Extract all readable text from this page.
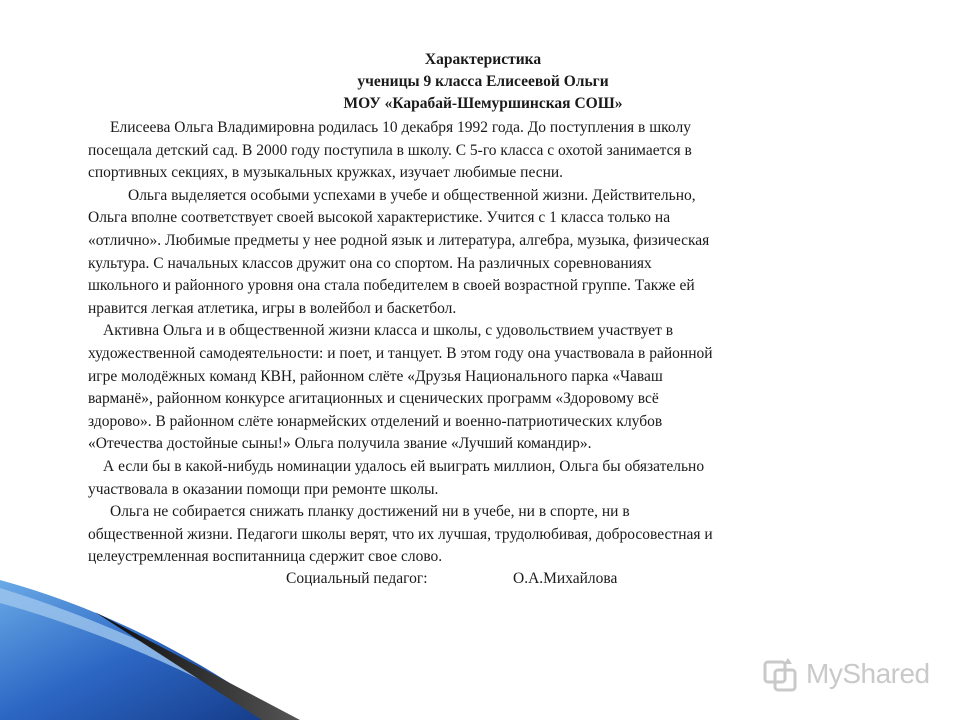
Характеристика
ученицы 9 класса Елисеевой Ольги
МОУ «Карабай-Шемуршинская СОШ»
Елисеева Ольга Владимировна родилась 10 декабря 1992 года. До поступления в школу
посещала детский сад. В 2000 году поступила в школу. С 5-го класса с охотой занимается в
спортивных секциях, в музыкальных кружках, изучает любимые песни.
Ольга выделяется особыми успехами в учебе и общественной жизни. Действительно,
Ольга вполне соответствует своей высокой характеристике. Учится с 1 класса только на
«отлично». Любимые предметы у нее родной язык и литература, алгебра, музыка, физическая
культура. С начальных классов дружит она со спортом. На различных соревнованиях
школьного и районного уровня она стала победителем в своей возрастной группе. Также ей
нравится легкая атлетика, игры в волейбол и баскетбол.
Активна Ольга и в общественной жизни класса и школы, с удовольствием участвует в
художественной самодеятельности: и поет, и танцует. В этом году она участвовала в районной
игре молодёжных команд КВН, районном слёте «Друзья Национального парка «Чаваш
варманё», районном конкурсе агитационных и сценических программ «Здоровому всё
здорово». В районном слёте юнармейских отделений и военно-патриотических клубов
«Отечества достойные сыны!» Ольга получила звание «Лучший командир».
А если бы в какой-нибудь номинации удалось ей выиграть миллион, Ольга бы обязательно
участвовала в оказании помощи при ремонте школы.
Ольга не собирается снижать планку достижений ни в учебе, ни в спорте, ни в
общественной жизни. Педагоги школы верят, что их лучшая, трудолюбивая, добросовестная и
целеустремленная воспитанница сдержит свое слово.
Социальный педагог:	О.А.Михайлова
MyShared
